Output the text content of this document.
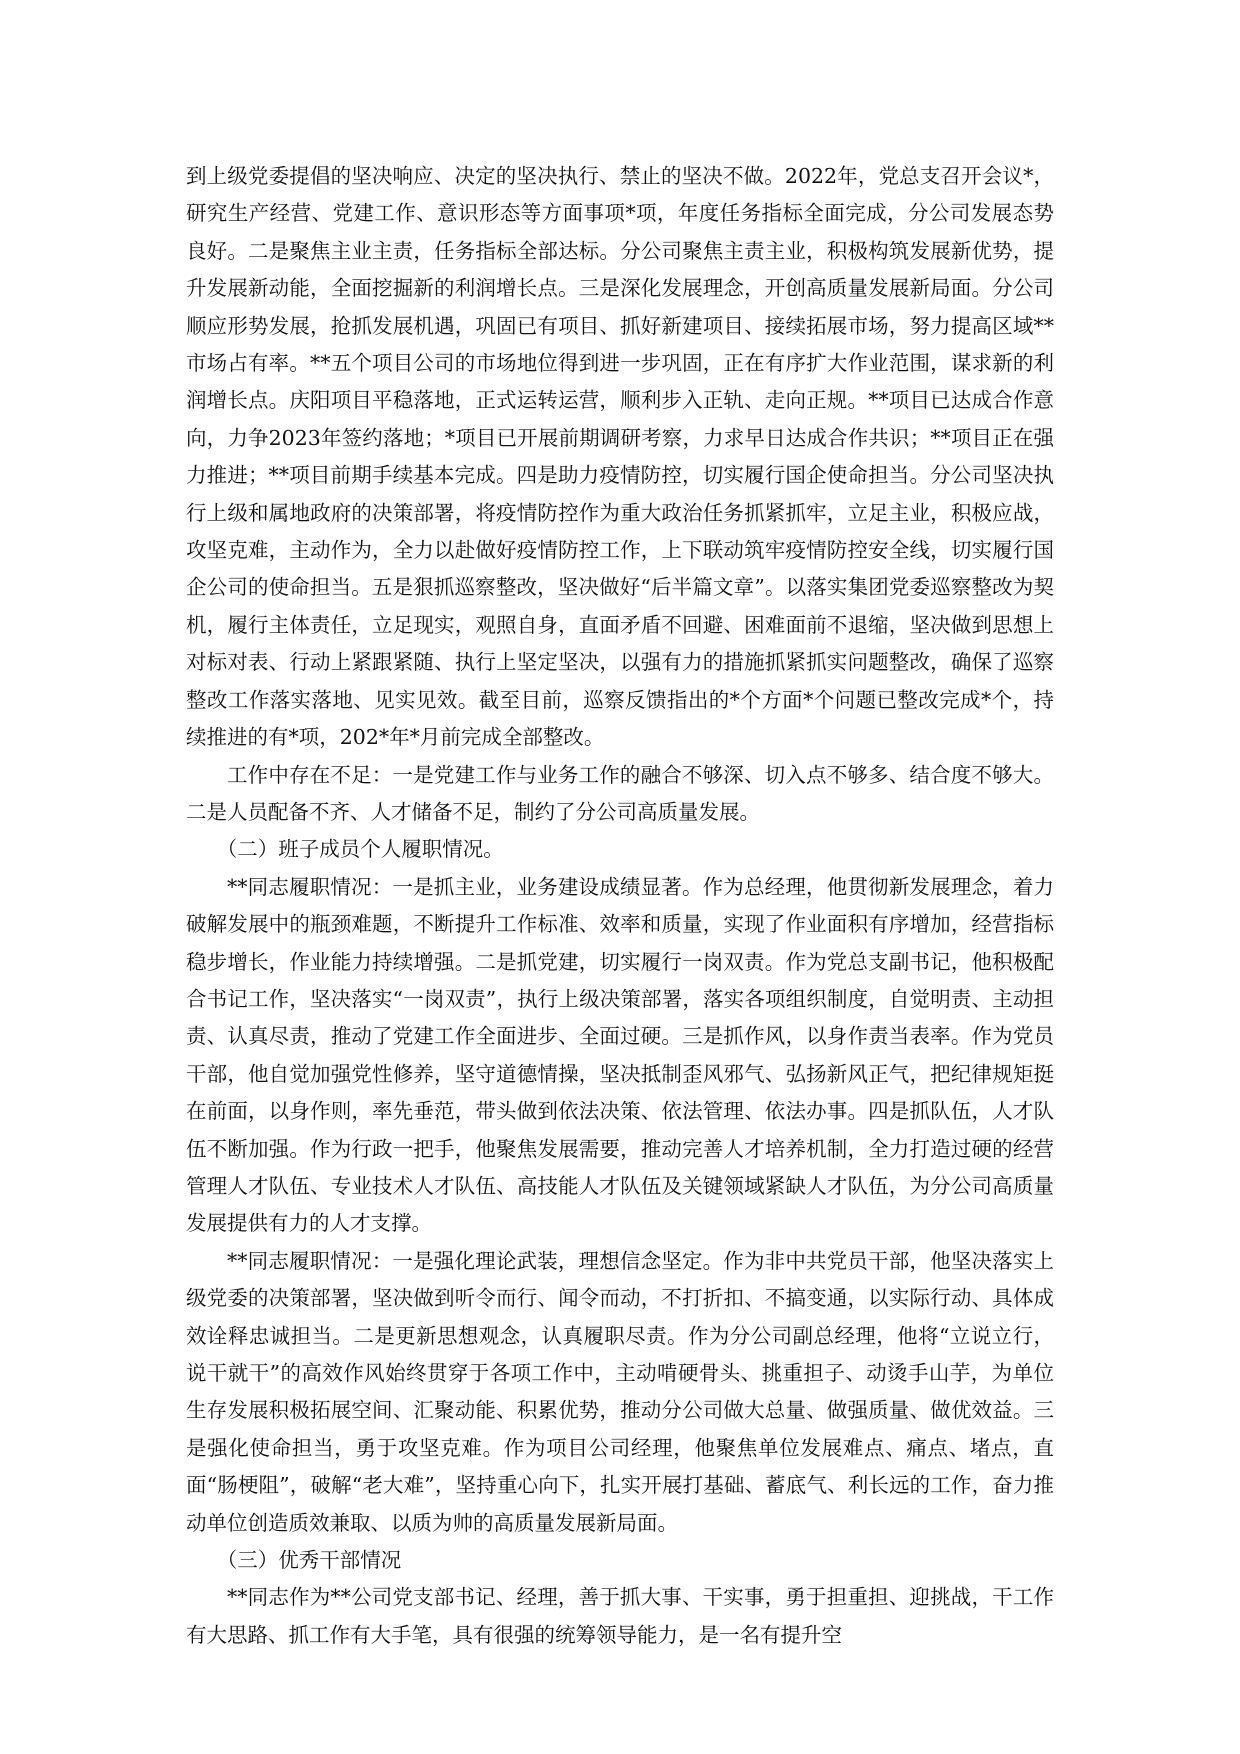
到上级党委提倡的坚决响应、决定的坚决执行、禁止的坚决不做。2022年，党总支召开会议*，研究生产经营、党建工作、意识形态等方面事项*项，年度任务指标全面完成，分公司发展态势良好。二是聚焦主业主责，任务指标全部达标。分公司聚焦主责主业，积极构筑发展新优势，提升发展新动能，全面挖掘新的利润增长点。三是深化发展理念，开创高质量发展新局面。分公司顺应形势发展，抢抓发展机遇，巩固已有项目、抓好新建项目、接续拓展市场，努力提高区域**市场占有率。**五个项目公司的市场地位得到进一步巩固，正在有序扩大作业范围，谋求新的利润增长点。庆阳项目平稳落地，正式运转运营，顺利步入正轨、走向正规。**项目已达成合作意向，力争2023年签约落地；*项目已开展前期调研考察，力求早日达成合作共识；**项目正在强力推进；**项目前期手续基本完成。四是助力疫情防控，切实履行国企使命担当。分公司坚决执行上级和属地政府的决策部署，将疫情防控作为重大政治任务抓紧抓牢，立足主业，积极应战，攻坚克难，主动作为，全力以赴做好疫情防控工作，上下联动筑牢疫情防控安全线，切实履行国企公司的使命担当。五是狠抓巡察整改，坚决做好“后半篇文章”。以落实集团党委巡察整改为契机，履行主体责任，立足现实，观照自身，直面矛盾不回避、困难面前不退缩，坚决做到思想上对标对表、行动上紧跟紧随、执行上坚定坚决，以强有力的措施抓紧抓实问题整改，确保了巡察整改工作落实落地、见实见效。截至目前，巡察反馈指出的*个方面*个问题已整改完成*个，持续推进的有*项，202*年*月前完成全部整改。

工作中存在不足：一是党建工作与业务工作的融合不够深、切入点不够多、结合度不够大。二是人员配备不齐、人才储备不足，制约了分公司高质量发展。

（二）班子成员个人履职情况。

**同志履职情况：一是抓主业，业务建设成绩显著。作为总经理，他贯彻新发展理念，着力破解发展中的瓶颈难题，不断提升工作标准、效率和质量，实现了作业面积有序增加，经营指标稳步增长，作业能力持续增强。二是抓党建，切实履行一岗双责。作为党总支副书记，他积极配合书记工作，坚决落实“一岗双责”，执行上级决策部署，落实各项组织制度，自觉明责、主动担责、认真尽责，推动了党建工作全面进步、全面过硬。三是抓作风，以身作责当表率。作为党员干部，他自觉加强党性修养，坚守道德情操，坚决抵制歪风邪气、弘扬新风正气，把纪律规矩挺在前面，以身作则，率先垂范，带头做到依法决策、依法管理、依法办事。四是抓队伍，人才队伍不断加强。作为行政一把手，他聚焦发展需要，推动完善人才培养机制，全力打造过硬的经营管理人才队伍、专业技术人才队伍、高技能人才队伍及关键领域紧缺人才队伍，为分公司高质量发展提供有力的人才支撑。

**同志履职情况：一是强化理论武装，理想信念坚定。作为非中共党员干部，他坚决落实上级党委的决策部署，坚决做到听令而行、闻令而动，不打折扣、不搞变通，以实际行动、具体成效诠释忠诚担当。二是更新思想观念，认真履职尽责。作为分公司副总经理，他将“立说立行，说干就干”的高效作风始终贯穿于各项工作中，主动啃硬骨头、挑重担子、动烫手山芋，为单位生存发展积极拓展空间、汇聚动能、积累优势，推动分公司做大总量、做强质量、做优效益。三是强化使命担当，勇于攻坚克难。作为项目公司经理，他聚焦单位发展难点、痛点、堵点，直面“肠梗阻”，破解“老大难”，坚持重心向下，扎实开展打基础、蓄底气、利长远的工作，奋力推动单位创造质效兼取、以质为帅的高质量发展新局面。

（三）优秀干部情况

**同志作为**公司党支部书记、经理，善于抓大事、干实事，勇于担重担、迎挑战，干工作有大思路、抓工作有大手笔，具有很强的统筹领导能力，是一名有提升空
